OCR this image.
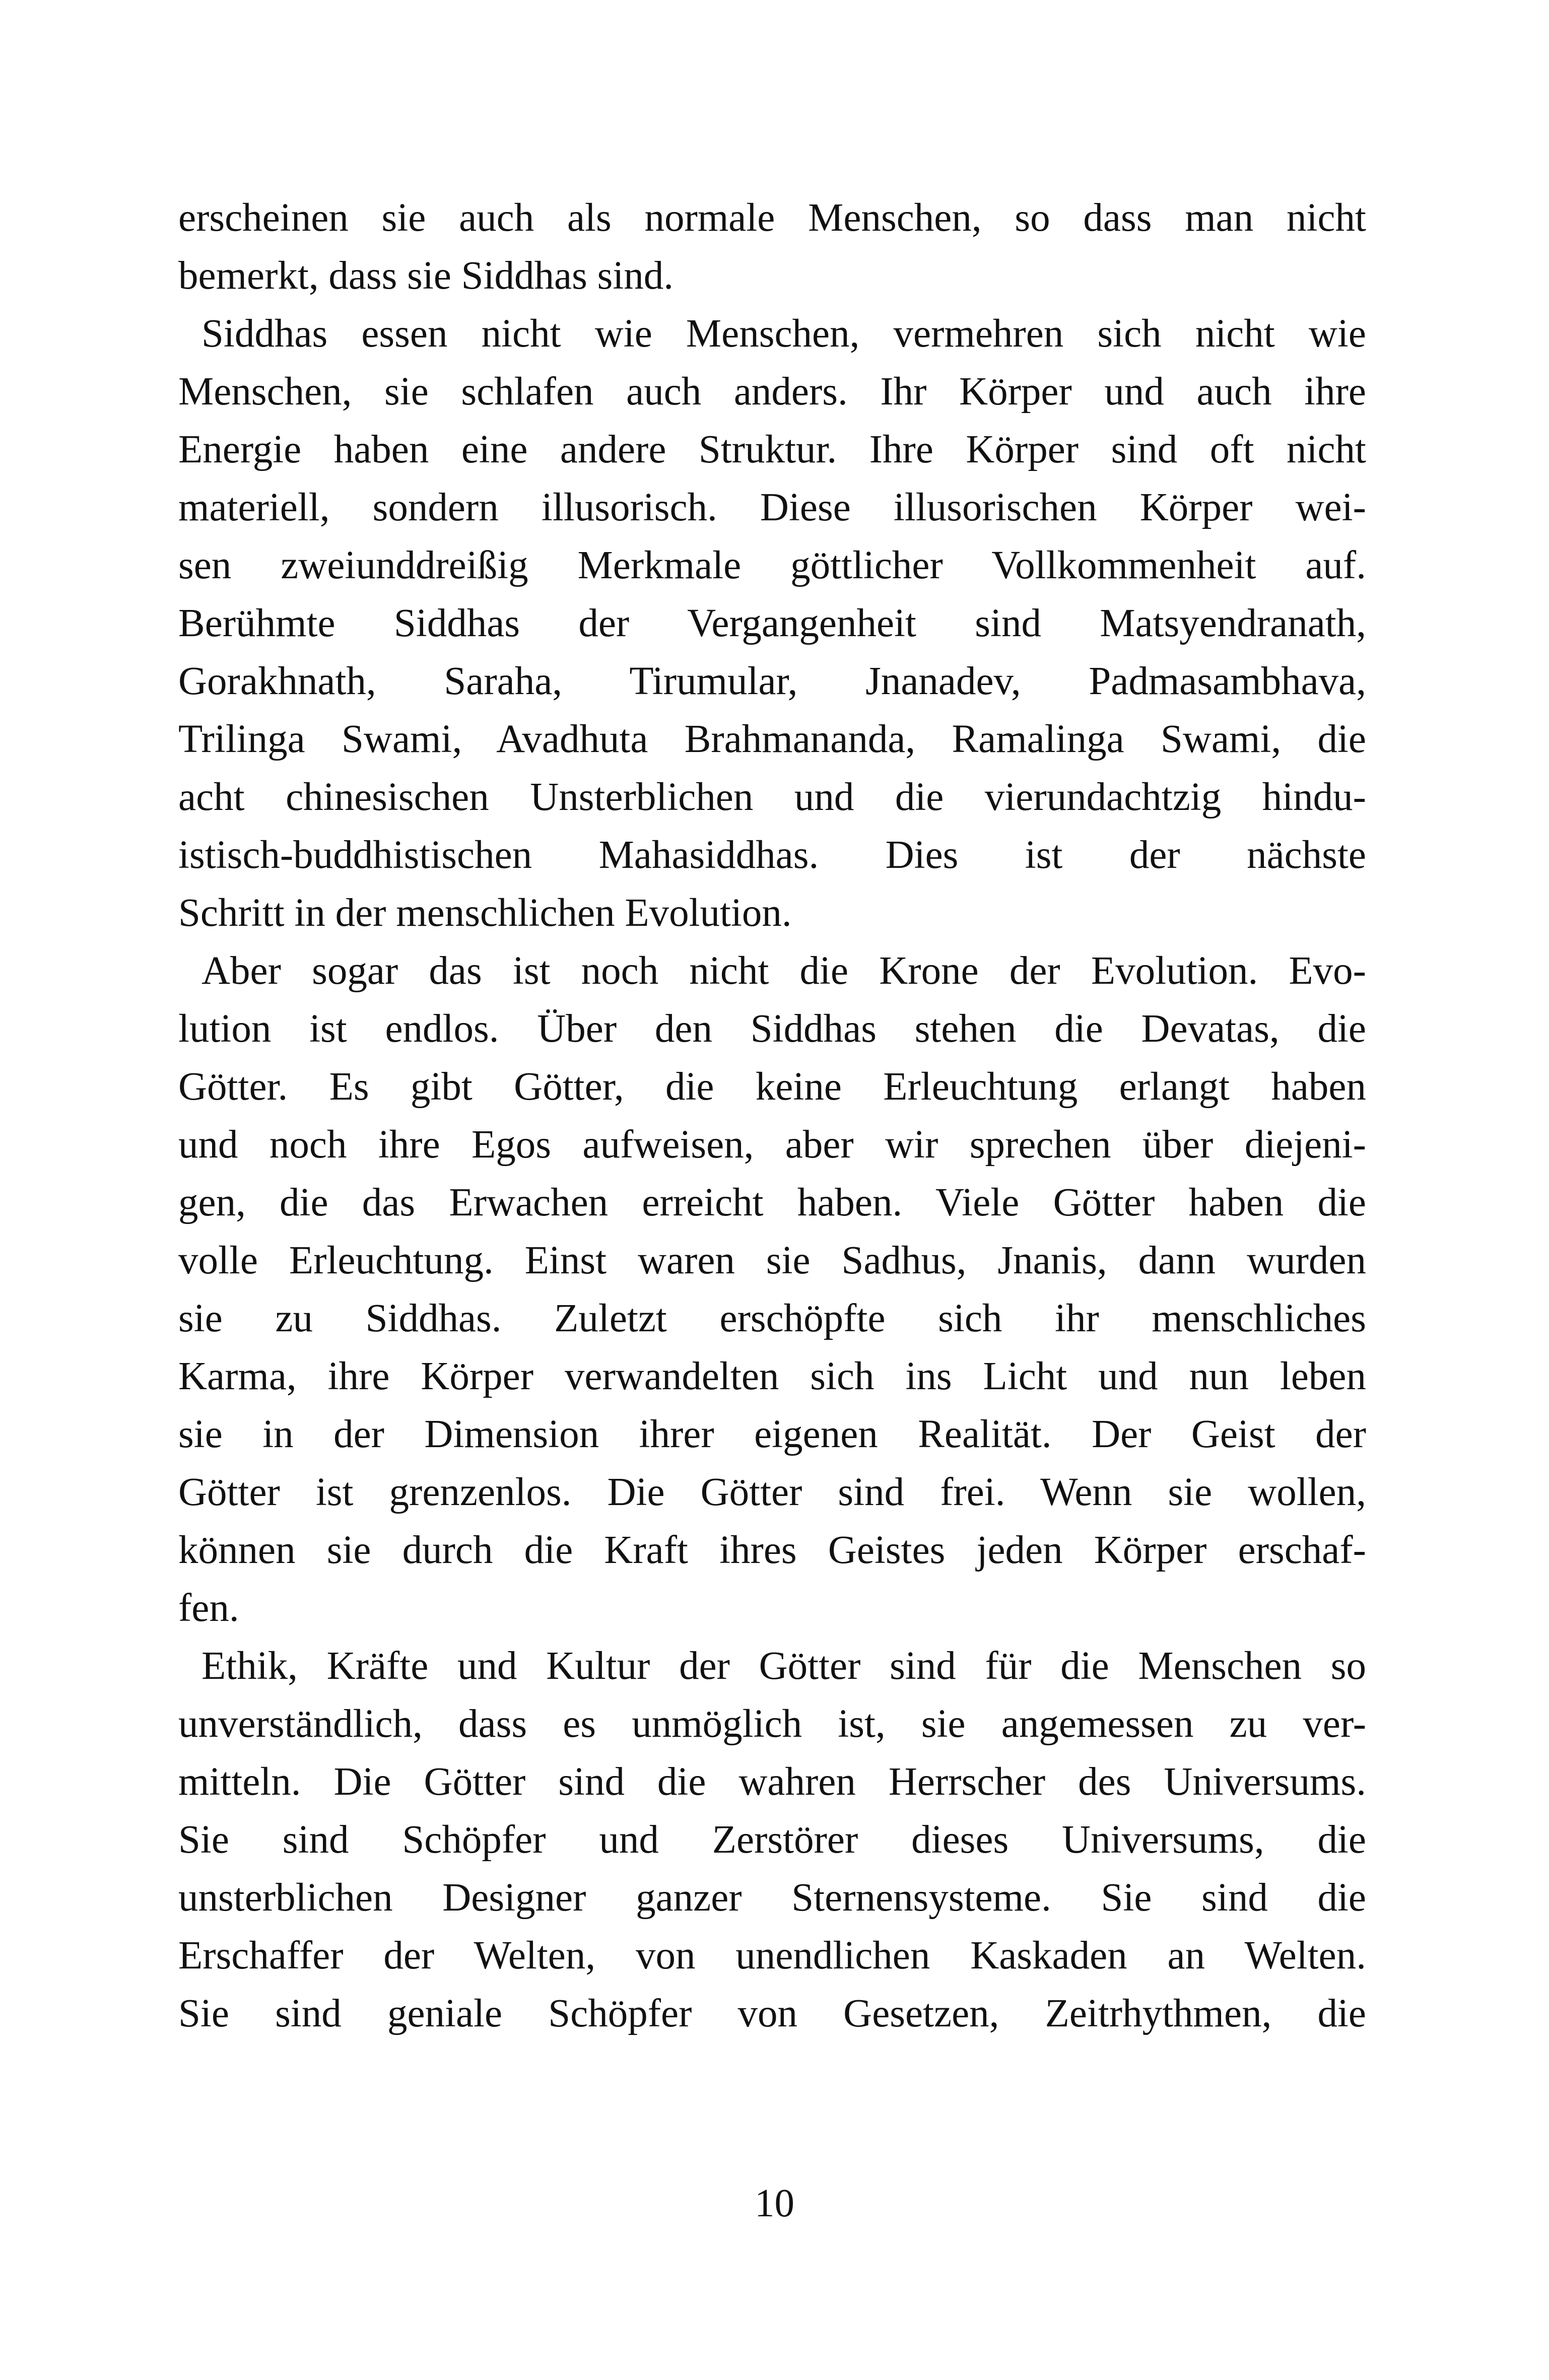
erscheinen sie auch als normale Menschen, so dass man nicht
bemerkt, dass sie Siddhas sind.
Siddhas essen nicht wie Menschen, vermehren sich nicht wie
Menschen, sie schlafen auch anders. Ihr Körper und auch ihre
Energie haben eine andere Struktur. Ihre Körper sind oft nicht
materiell, sondern illusorisch. Diese illusorischen Körper wei-
sen zweiunddreißig Merkmale göttlicher Vollkommenheit auf.
Berühmte Siddhas der Vergangenheit sind Matsyendranath,
Gorakhnath, Saraha, Tirumular, Jnanadev, Padmasambhava,
Trilinga Swami, Avadhuta Brahmananda, Ramalinga Swami, die
acht chinesischen Unsterblichen und die vierundachtzig hindu-
istisch-buddhistischen Mahasiddhas. Dies ist der nächste
Schritt in der menschlichen Evolution.
Aber sogar das ist noch nicht die Krone der Evolution. Evo-
lution ist endlos. Über den Siddhas stehen die Devatas, die
Götter. Es gibt Götter, die keine Erleuchtung erlangt haben
und noch ihre Egos aufweisen, aber wir sprechen über diejeni-
gen, die das Erwachen erreicht haben. Viele Götter haben die
volle Erleuchtung. Einst waren sie Sadhus, Jnanis, dann wurden
sie zu Siddhas. Zuletzt erschöpfte sich ihr menschliches
Karma, ihre Körper verwandelten sich ins Licht und nun leben
sie in der Dimension ihrer eigenen Realität. Der Geist der
Götter ist grenzenlos. Die Götter sind frei. Wenn sie wollen,
können sie durch die Kraft ihres Geistes jeden Körper erschaf-
fen.
Ethik, Kräfte und Kultur der Götter sind für die Menschen so
unverständlich, dass es unmöglich ist, sie angemessen zu ver-
mitteln. Die Götter sind die wahren Herrscher des Universums.
Sie sind Schöpfer und Zerstörer dieses Universums, die
unsterblichen Designer ganzer Sternensysteme. Sie sind die
Erschaffer der Welten, von unendlichen Kaskaden an Welten.
Sie sind geniale Schöpfer von Gesetzen, Zeitrhythmen, die
10
